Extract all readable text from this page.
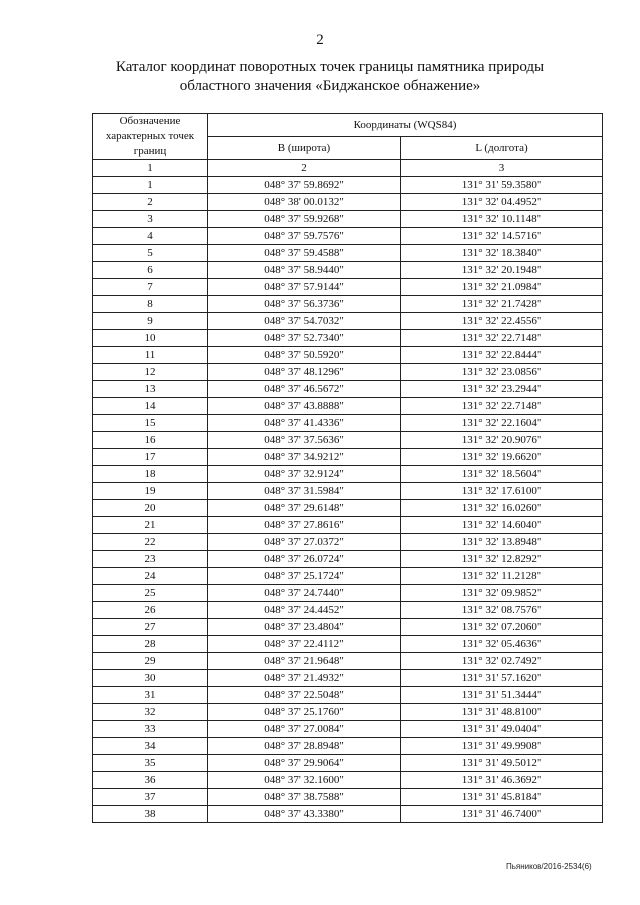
2
Каталог координат поворотных точек границы памятника природы
областного значения «Биджанское обнажение»
Обозначение характерных точек границ	Координаты (WQS84)	
	В (широта)	L (долгота)
1	2	3
1	048° 37' 59.8692"	131° 31' 59.3580"
2	048° 38' 00.0132"	131° 32' 04.4952"
3	048° 37' 59.9268"	131° 32' 10.1148"
4	048° 37' 59.7576"	131° 32' 14.5716"
5	048° 37' 59.4588"	131° 32' 18.3840"
6	048° 37' 58.9440"	131° 32' 20.1948"
7	048° 37' 57.9144"	131° 32' 21.0984"
8	048° 37' 56.3736"	131° 32' 21.7428"
9	048° 37' 54.7032"	131° 32' 22.4556"
10	048° 37' 52.7340"	131° 32' 22.7148"
11	048° 37' 50.5920"	131° 32' 22.8444"
12	048° 37' 48.1296"	131° 32' 23.0856"
13	048° 37' 46.5672"	131° 32' 23.2944"
14	048° 37' 43.8888"	131° 32' 22.7148"
15	048° 37' 41.4336"	131° 32' 22.1604"
16	048° 37' 37.5636"	131° 32' 20.9076"
17	048° 37' 34.9212"	131° 32' 19.6620"
18	048° 37' 32.9124"	131° 32' 18.5604"
19	048° 37' 31.5984"	131° 32' 17.6100"
20	048° 37' 29.6148"	131° 32' 16.0260"
21	048° 37' 27.8616"	131° 32' 14.6040"
22	048° 37' 27.0372"	131° 32' 13.8948"
23	048° 37' 26.0724"	131° 32' 12.8292"
24	048° 37' 25.1724"	131° 32' 11.2128"
25	048° 37' 24.7440"	131° 32' 09.9852"
26	048° 37' 24.4452"	131° 32' 08.7576"
27	048° 37' 23.4804"	131° 32' 07.2060"
28	048° 37' 22.4112"	131° 32' 05.4636"
29	048° 37' 21.9648"	131° 32' 02.7492"
30	048° 37' 21.4932"	131° 31' 57.1620"
31	048° 37' 22.5048"	131° 31' 51.3444"
32	048° 37' 25.1760"	131° 31' 48.8100"
33	048° 37' 27.0084"	131° 31' 49.0404"
34	048° 37' 28.8948"	131° 31' 49.9908"
35	048° 37' 29.9064"	131° 31' 49.5012"
36	048° 37' 32.1600"	131° 31' 46.3692"
37	048° 37' 38.7588"	131° 31' 45.8184"
38	048° 37' 43.3380"	131° 31' 46.7400"
Пьяников/2016-2534(6)
